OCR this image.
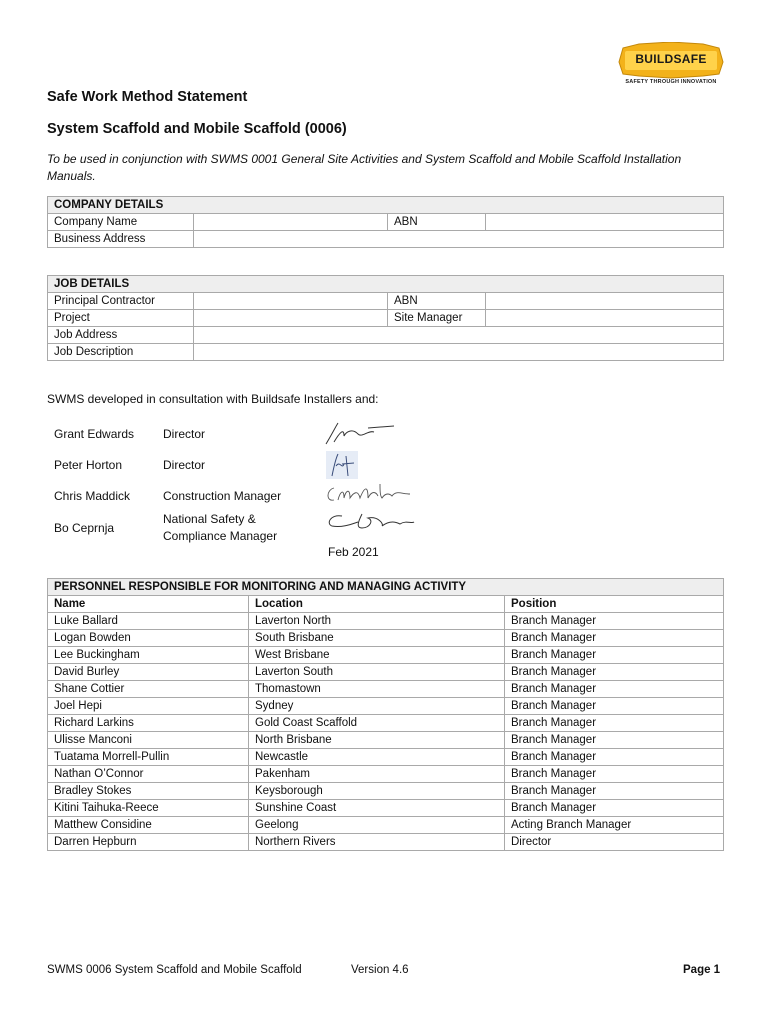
BUILDSAFE
SAFETY THROUGH INNOVATION
Safe Work Method Statement
System Scaffold and Mobile Scaffold (0006)

To be used in conjunction with SWMS 0001 General Site Activities and System Scaffold and Mobile Scaffold Installation Manuals.

COMPANY DETAILS			
Company Name		ABN	
Business Address			
JOB DETAILS			
Principal Contractor		ABN	
Project		Site Manager	
Job Address			
Job Description			

SWMS developed in consultation with Buildsafe Installers and:

Grant Edwards Director
Peter Horton	Director
Chris Maddick	Construction Manager
Bo Ceprnja
National Safety & Compliance Manager
Feb 2021
PERSONNEL RESPONSIBLE FOR MONITORING AND MANAGING ACTIVITY		
Name	Location	Position
Luke Ballard	Laverton North	Branch Manager
Logan Bowden	South Brisbane	Branch Manager
Lee Buckingham	West Brisbane	Branch Manager
David Burley	Laverton South	Branch Manager
Shane Cottier	Thomastown	Branch Manager
Joel Hepi	Sydney	Branch Manager
Richard Larkins	Gold Coast Scaffold	Branch Manager
Ulisse Manconi	North Brisbane	Branch Manager
Tuatama Morrell-Pullin	Newcastle	Branch Manager
Nathan O’Connor	Pakenham	Branch Manager
Bradley Stokes	Keysborough	Branch Manager
Kitini Taihuka-Reece	Sunshine Coast	Branch Manager
Matthew Considine	Geelong	Acting Branch Manager
Darren Hepburn	Northern Rivers	Director
SWMS 0006 System Scaffold and Mobile Scaffold	Version 4.6	Page 1
